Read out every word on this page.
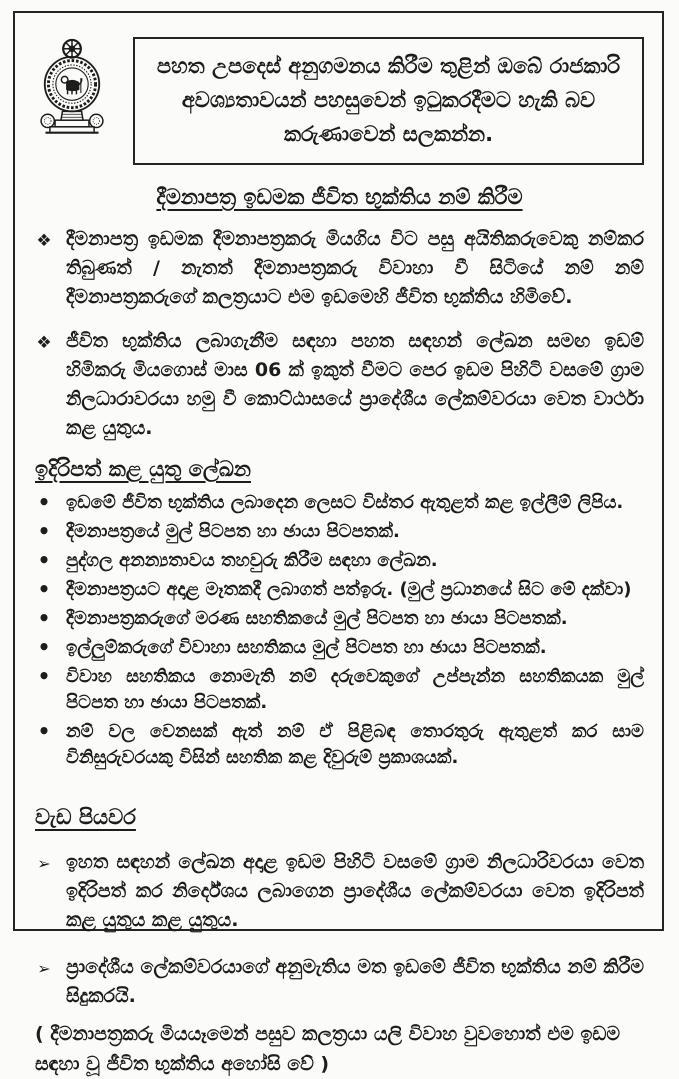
පහත උපදෙස් අනුගමනය කිරීම තුළින් ඔබේ රාජකාරි
අවශ්‍යතාවයන් පහසුවෙන් ඉටුකරදීමට හැකි බව
කරුණාවෙන් සලකන්න.
දීමනාපත්‍ර ඉඩමක ජීවිත භුක්තිය නම් කිරීම
❖ දීමනාපත්‍ර ඉඩමක දීමනාපත්‍රකරු මියගිය විට පසු අයිතිකරුවෙකු නම්කර තිබුණත් / නැතත් දීමනාපත්‍රකරු විවාහා වී සිටියේ නම් නම් දීමනාපත්‍රකරුගේ කලත්‍රයාට එම ඉඩමෙහි ජීවිත භුක්තිය හිමිවේ.
❖ ජීවිත භුක්තිය ලබාගැනීම සඳහා පහත සඳහන් ලේඛන සමඟ ඉඩම් හිමිකරු මියගොස් මාස 06 ක් ඉකුත් වීමට පෙර ඉඩම පිහිටි වසමේ ග්‍රාම නිලධාරාවරයා හමු වී කොට්ඨාසයේ ප්‍රාදේශීය ලේකම්වරයා වෙත වාර්ථා කළ යුතුය.
ඉදිරිපත් කළ යුතු ලේඛන
• ඉඩමේ ජීවිත භුක්තිය ලබාදෙන ලෙසට විස්තර ඇතුළත් කළ ඉල්ලීම් ලිපිය.
• දීමනාපත්‍රයේ මුල් පිටපත හා ඡායා පිටපතක්.
• පුද්ගල අනන්‍යතාවය තහවුරු කිරීම සඳහා ලේඛන.
• දීමනාපත්‍රයට අදාළ මෑතකදී ලබාගත් පත්ඉරු. (මුල් ප්‍රධානයේ සිට මේ දක්වා)
• දීමනාපත්‍රකරුගේ මරණ සහතිකයේ මුල් පිටපත හා ඡායා පිටපතක්.
• ඉල්ලුම්කරුගේ විවාහා සහතිකය මුල් පිටපත හා ඡායා පිටපතක්.
• විවාහ සහතිකය නොමැති නම් දරුවෙකුගේ උප්පැන්න සහතිකයක මුල් පිටපත හා ඡායා පිටපතක්.
• නම් වල වෙනසක් ඇත් නම් ඒ පිළිබඳ තොරතුරු ඇතුළත් කර සාම විනිසුරුවරයකු විසින් සහතික කළ දිවුරුම් ප්‍රකාශයක්.
වැඩ පියවර
➢ ඉහත සඳහන් ලේඛන අදාළ ඉඩම පිහිටි වසමේ ග්‍රාම නිලධාරිවරයා වෙත ඉදිරිපත් කර නිර්දේශය ලබාගෙන ප්‍රාදේශීය ලේකම්වරයා වෙත ඉදිරිපත් කළ යුතුය කළ යුතුය.
➢ ප්‍රාදේශීය ලේකම්වරයාගේ අනුමැතිය මත ඉඩමේ ජීවිත භුක්තිය නම් කිරීම සිදුකරයි.
( දීමනාපත්‍රකරු මියයෑමෙන් පසුව කලත්‍රයා යලි විවාහ වුවහොත් එම ඉඩම සඳහා වූ ජීවිත භුක්තිය අහෝසි වේ )
